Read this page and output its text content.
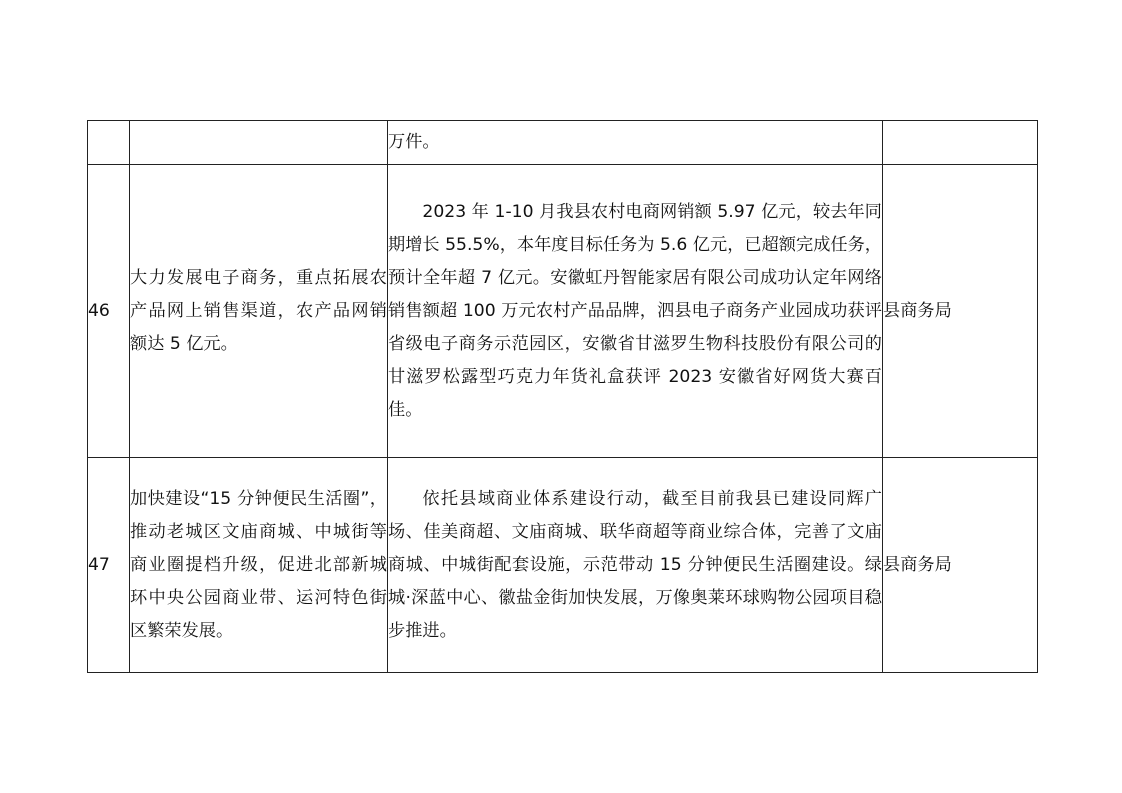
		万件。	

46	大力发展电子商务，重点拓展农产品网上销售渠道，农产品网销额达 5 亿元。	2023 年 1-10 月我县农村电商网销额 5.97 亿元，较去年同期增长 55.5%，本年度目标任务为 5.6 亿元，已超额完成任务，预计全年超 7 亿元。安徽虹丹智能家居有限公司成功认定年网络销售额超 100 万元农村产品品牌，泗县电子商务产业园成功获评省级电子商务示范园区，安徽省甘滋罗生物科技股份有限公司的甘滋罗松露型巧克力年货礼盒获评 2023 安徽省好网货大赛百佳。	县商务局
47	加快建设“15 分钟便民生活圈”，推动老城区文庙商城、中城街等商业圈提档升级，促进北部新城环中央公园商业带、运河特色街区繁荣发展。	依托县域商业体系建设行动，截至目前我县已建设同辉广场、佳美商超、文庙商城、联华商超等商业综合体，完善了文庙商城、中城街配套设施，示范带动 15 分钟便民生活圈建设。绿城·深蓝中心、徽盐金街加快发展，万像奥莱环球购物公园项目稳步推进。	县商务局
